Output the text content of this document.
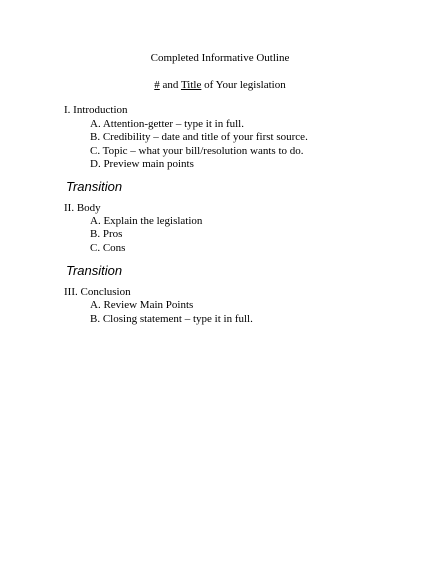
Completed Informative Outline
# and Title of Your legislation
I. Introduction
A. Attention-getter – type it in full.
B. Credibility – date and title of your first source.
C. Topic – what your bill/resolution wants to do.
D. Preview main points
Transition
II. Body
A. Explain the legislation
B. Pros
C. Cons
Transition
III. Conclusion
A. Review Main Points
B. Closing statement – type it in full.
